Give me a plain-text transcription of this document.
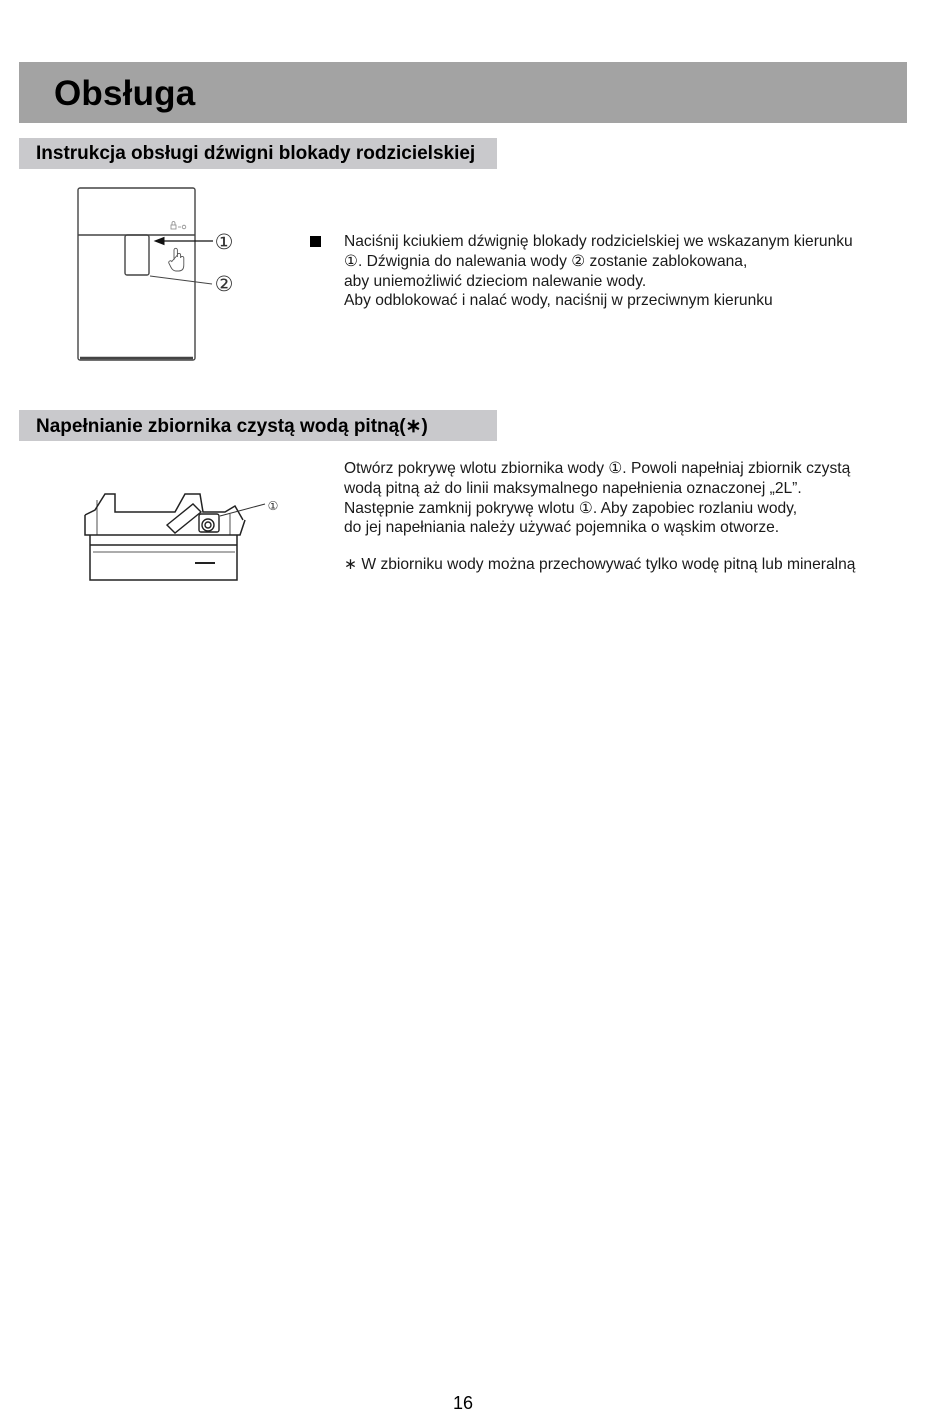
Obsługa
Instrukcja obsługi dźwigni blokady rodzicielskiej
①
②

Naciśnij kciukiem dźwignię blokady rodzicielskiej we wskazanym kierunku
①. Dźwignia do nalewania wody ② zostanie zablokowana,
aby uniemożliwić dzieciom nalewanie wody.
Aby odblokować i nalać wody, naciśnij w przeciwnym kierunku

Napełnianie zbiornika czystą wodą pitną(∗)
①

Otwórz pokrywę wlotu zbiornika wody ①. Powoli napełniaj zbiornik czystą
wodą pitną aż do linii maksymalnego napełnienia oznaczonej „2L”.
Następnie zamknij pokrywę wlotu ①. Aby zapobiec rozlaniu wody,
do jej napełniania należy używać pojemnika o wąskim otworze.

∗ W zbiorniku wody można przechowywać tylko wodę pitną lub mineralną

16
